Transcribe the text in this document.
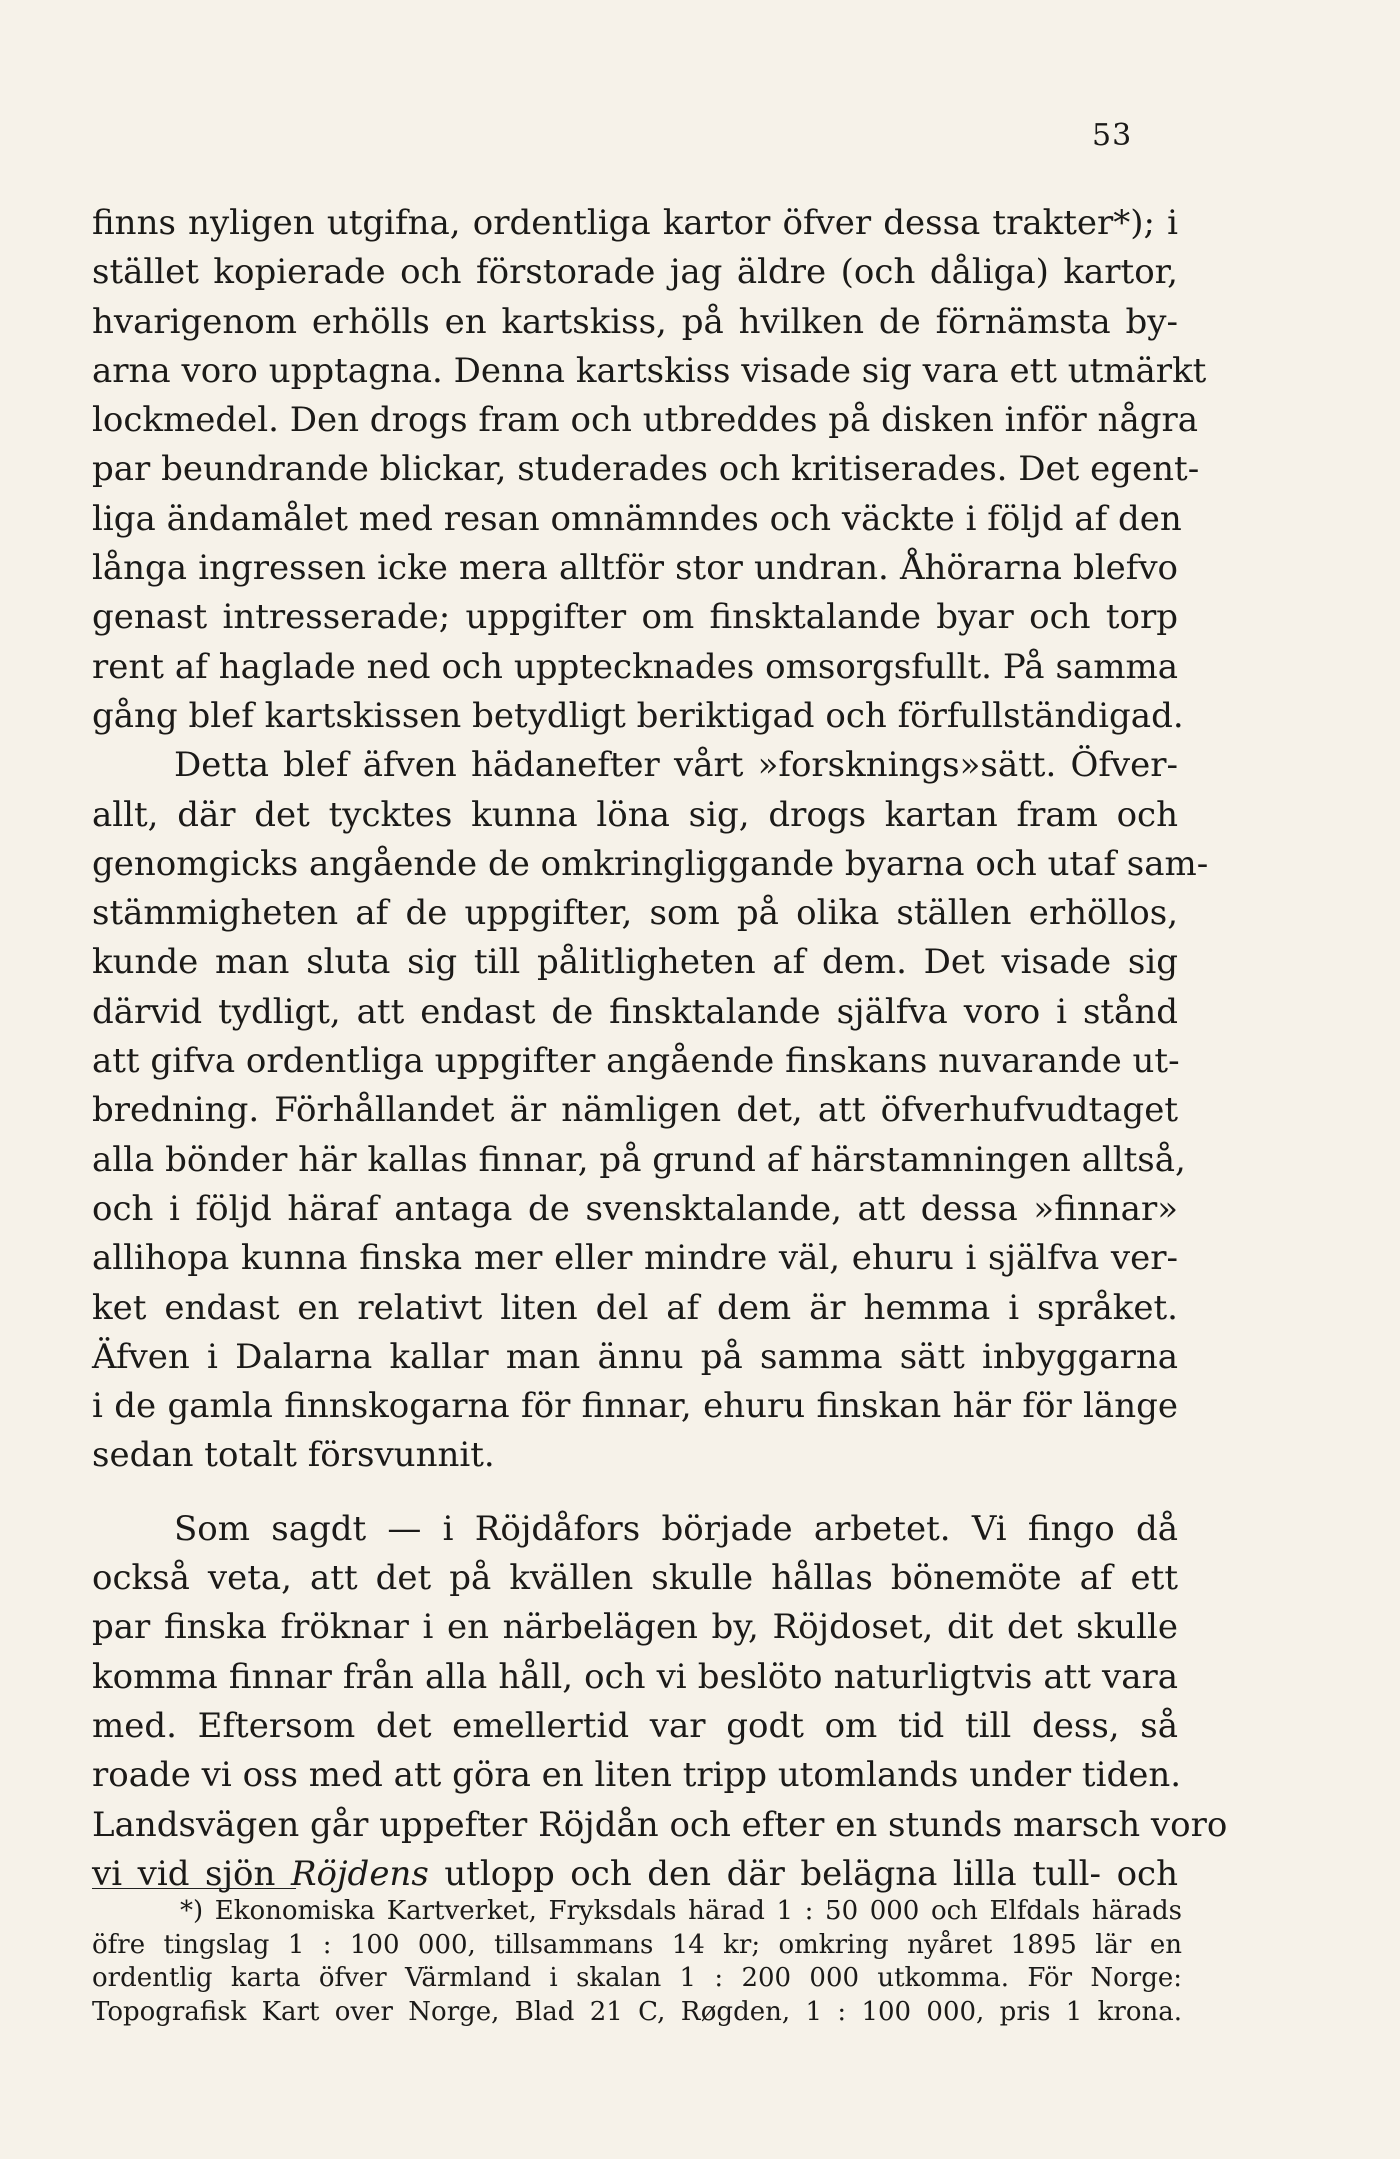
53
finns nyligen utgifna, ordentliga kartor öfver dessa trakter*); i
stället kopierade och förstorade jag äldre (och dåliga) kartor,
hvarigenom erhölls en kartskiss, på hvilken de förnämsta by-
arna voro upptagna. Denna kartskiss visade sig vara ett utmärkt
lockmedel. Den drogs fram och utbreddes på disken inför några
par beundrande blickar, studerades och kritiserades. Det egent-
liga ändamålet med resan omnämndes och väckte i följd af den
långa ingressen icke mera alltför stor undran. Åhörarna blefvo
genast intresserade; uppgifter om finsktalande byar och torp
rent af haglade ned och upptecknades omsorgsfullt. På samma
gång blef kartskissen betydligt beriktigad och förfullständigad.
Detta blef äfven hädanefter vårt »forsknings»sätt. Öfver-
allt, där det tycktes kunna löna sig, drogs kartan fram och
genomgicks angående de omkringliggande byarna och utaf sam-
stämmigheten af de uppgifter, som på olika ställen erhöllos,
kunde man sluta sig till pålitligheten af dem. Det visade sig
därvid tydligt, att endast de finsktalande själfva voro i stånd
att gifva ordentliga uppgifter angående finskans nuvarande ut-
bredning. Förhållandet är nämligen det, att öfverhufvudtaget
alla bönder här kallas finnar, på grund af härstamningen alltså,
och i följd häraf antaga de svensktalande, att dessa »finnar»
allihopa kunna finska mer eller mindre väl, ehuru i själfva ver-
ket endast en relativt liten del af dem är hemma i språket.
Äfven i Dalarna kallar man ännu på samma sätt inbyggarna
i de gamla finnskogarna för finnar, ehuru finskan här för länge
sedan totalt försvunnit.
Som sagdt — i Röjdåfors började arbetet. Vi fingo då
också veta, att det på kvällen skulle hållas bönemöte af ett
par finska fröknar i en närbelägen by, Röjdoset, dit det skulle
komma finnar från alla håll, och vi beslöto naturligtvis att vara
med. Eftersom det emellertid var godt om tid till dess, så
roade vi oss med att göra en liten tripp utomlands under tiden.
Landsvägen går uppefter Röjdån och efter en stunds marsch voro
vi vid sjön Röjdens utlopp och den där belägna lilla tull- och
*) Ekonomiska Kartverket, Fryksdals härad 1 : 50 000 och Elfdals härads
öfre tingslag 1 : 100 000, tillsammans 14 kr; omkring nyåret 1895 lär en
ordentlig karta öfver Värmland i skalan 1 : 200 000 utkomma. För Norge:
Topografisk Kart over Norge, Blad 21 C, Røgden, 1 : 100 000, pris 1 krona.
